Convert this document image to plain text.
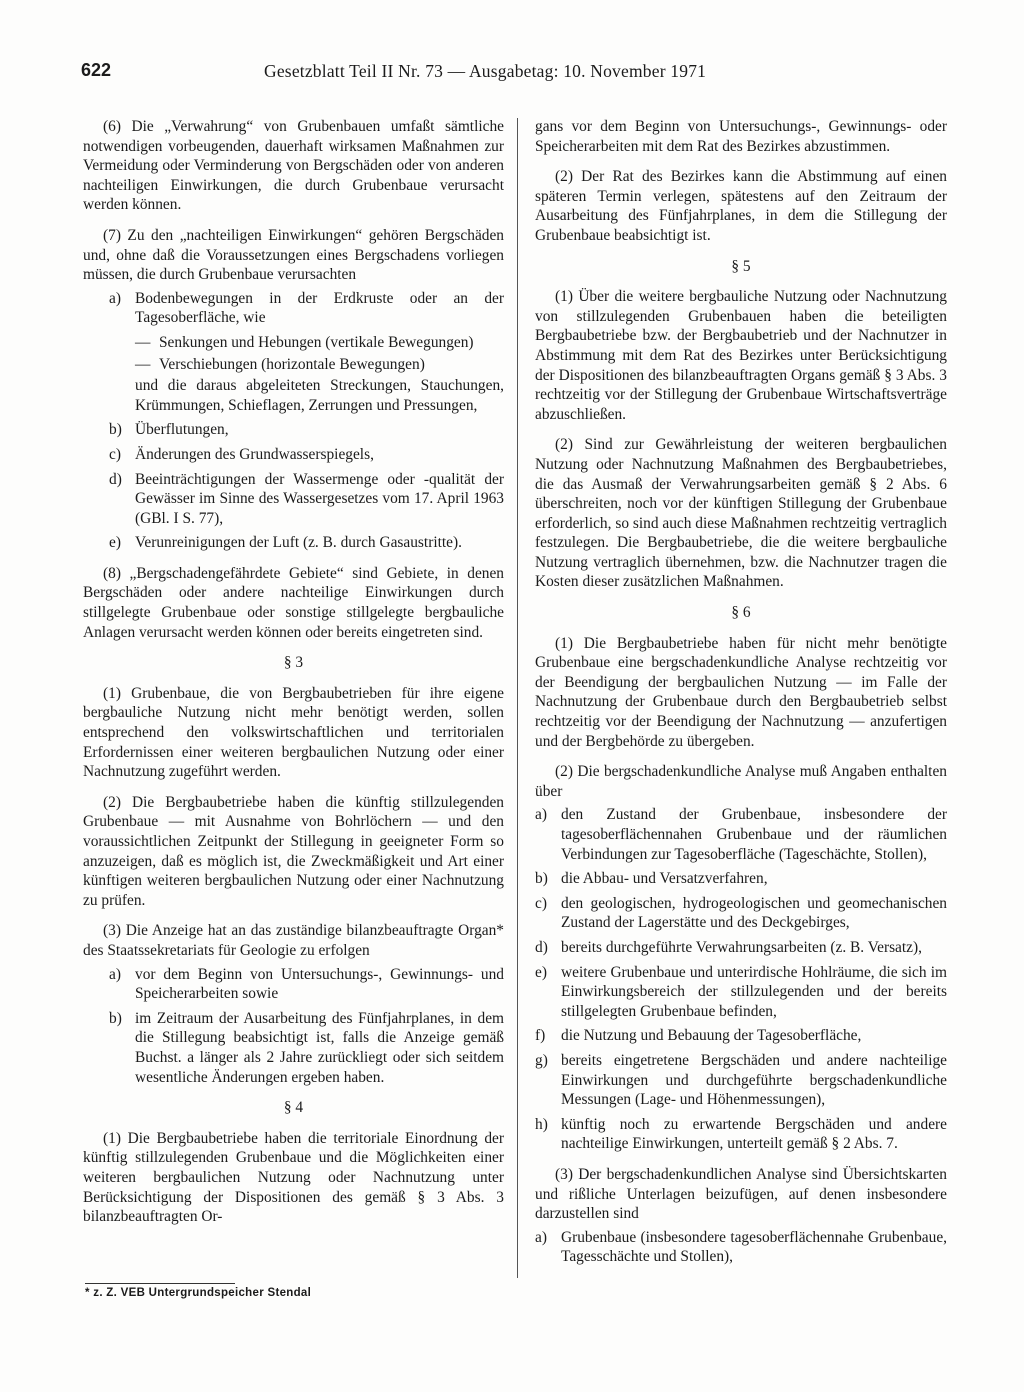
622	Gesetzblatt Teil II Nr. 73 — Ausgabetag: 10. November 1971

(6) Die „Verwahrung“ von Grubenbauen umfaßt sämtliche notwendigen vorbeugenden, dauerhaft wirksamen Maßnahmen zur Vermeidung oder Verminderung von Bergschäden oder von anderen nachteiligen Einwirkungen, die durch Grubenbaue verursacht werden können.

(7) Zu den „nachteiligen Einwirkungen“ gehören Bergschäden und, ohne daß die Voraussetzungen eines Bergschadens vorliegen müssen, die durch Grubenbaue verursachten

a) Bodenbewegungen in der Erdkruste oder an der Tagesoberfläche, wie
— Senkungen und Hebungen (vertikale Bewegungen)
— Verschiebungen (horizontale Bewegungen)
und die daraus abgeleiteten Streckungen, Stauchungen, Krümmungen, Schieflagen, Zerrungen und Pressungen,
b) Überflutungen,
c) Änderungen des Grundwasserspiegels,
d) Beeinträchtigungen der Wassermenge oder -qualität der Gewässer im Sinne des Wassergesetzes vom 17. April 1963 (GBl. I S. 77),
e) Verunreinigungen der Luft (z. B. durch Gasaustritte).

(8) „Bergschadengefährdete Gebiete“ sind Gebiete, in denen Bergschäden oder andere nachteilige Einwirkungen durch stillgelegte Grubenbaue oder sonstige stillgelegte bergbauliche Anlagen verursacht werden können oder bereits eingetreten sind.

§ 3

(1) Grubenbaue, die von Bergbaubetrieben für ihre eigene bergbauliche Nutzung nicht mehr benötigt werden, sollen entsprechend den volkswirtschaftlichen und territorialen Erfordernissen einer weiteren bergbaulichen Nutzung oder einer Nachnutzung zugeführt werden.

(2) Die Bergbaubetriebe haben die künftig stillzulegenden Grubenbaue — mit Ausnahme von Bohrlöchern — und den voraussichtlichen Zeitpunkt der Stillegung in geeigneter Form so anzuzeigen, daß es möglich ist, die Zweckmäßigkeit und Art einer künftigen weiteren bergbaulichen Nutzung oder einer Nachnutzung zu prüfen.

(3) Die Anzeige hat an das zuständige bilanzbeauftragte Organ* des Staatssekretariats für Geologie zu erfolgen

a) vor dem Beginn von Untersuchungs-, Gewinnungs- und Speicherarbeiten sowie
b) im Zeitraum der Ausarbeitung des Fünfjahrplanes, in dem die Stillegung beabsichtigt ist, falls die Anzeige gemäß Buchst. a länger als 2 Jahre zurückliegt oder sich seitdem wesentliche Änderungen ergeben haben.

§ 4

(1) Die Bergbaubetriebe haben die territoriale Einordnung der künftig stillzulegenden Grubenbaue und die Möglichkeiten einer weiteren bergbaulichen Nutzung oder Nachnutzung unter Berücksichtigung der Dispositionen des gemäß § 3 Abs. 3 bilanzbeauftragten Or-

gans vor dem Beginn von Untersuchungs-, Gewinnungs- oder Speicherarbeiten mit dem Rat des Bezirkes abzustimmen.

(2) Der Rat des Bezirkes kann die Abstimmung auf einen späteren Termin verlegen, spätestens auf den Zeitraum der Ausarbeitung des Fünfjahrplanes, in dem die Stillegung der Grubenbaue beabsichtigt ist.

§ 5

(1) Über die weitere bergbauliche Nutzung oder Nachnutzung von stillzulegenden Grubenbauen haben die beteiligten Bergbaubetriebe bzw. der Bergbaubetrieb und der Nachnutzer in Abstimmung mit dem Rat des Bezirkes unter Berücksichtigung der Dispositionen des bilanzbeauftragten Organs gemäß § 3 Abs. 3 rechtzeitig vor der Stillegung der Grubenbaue Wirtschaftsverträge abzuschließen.

(2) Sind zur Gewährleistung der weiteren bergbaulichen Nutzung oder Nachnutzung Maßnahmen des Bergbaubetriebes, die das Ausmaß der Verwahrungsarbeiten gemäß § 2 Abs. 6 überschreiten, noch vor der künftigen Stillegung der Grubenbaue erforderlich, so sind auch diese Maßnahmen rechtzeitig vertraglich festzulegen. Die Bergbaubetriebe, die die weitere bergbauliche Nutzung vertraglich übernehmen, bzw. die Nachnutzer tragen die Kosten dieser zusätzlichen Maßnahmen.

§ 6

(1) Die Bergbaubetriebe haben für nicht mehr benötigte Grubenbaue eine bergschadenkundliche Analyse rechtzeitig vor der Beendigung der bergbaulichen Nutzung — im Falle der Nachnutzung der Grubenbaue durch den Bergbaubetrieb selbst rechtzeitig vor der Beendigung der Nachnutzung — anzufertigen und der Bergbehörde zu übergeben.

(2) Die bergschadenkundliche Analyse muß Angaben enthalten über

a) den Zustand der Grubenbaue, insbesondere der tagesoberflächennahen Grubenbaue und der räumlichen Verbindungen zur Tagesoberfläche (Tageschächte, Stollen),
b) die Abbau- und Versatzverfahren,
c) den geologischen, hydrogeologischen und geomechanischen Zustand der Lagerstätte und des Deckgebirges,
d) bereits durchgeführte Verwahrungsarbeiten (z. B. Versatz),
e) weitere Grubenbaue und unterirdische Hohlräume, die sich im Einwirkungsbereich der stillzulegenden und der bereits stillgelegten Grubenbaue befinden,
f)	die Nutzung und Bebauung der Tagesoberfläche,
g) bereits eingetretene Bergschäden und andere nachteilige Einwirkungen und durchgeführte bergschadenkundliche Messungen (Lage- und Höhenmessungen),
h) künftig noch zu erwartende Bergschäden und andere nachteilige Einwirkungen, unterteilt gemäß § 2 Abs. 7.

(3) Der bergschadenkundlichen Analyse sind Übersichtskarten und rißliche Unterlagen beizufügen, auf denen insbesondere darzustellen sind

a) Grubenbaue (insbesondere tagesoberflächennahe Grubenbaue, Tagesschächte und Stollen),
* z. Z. VEB Untergrundspeicher Stendal
